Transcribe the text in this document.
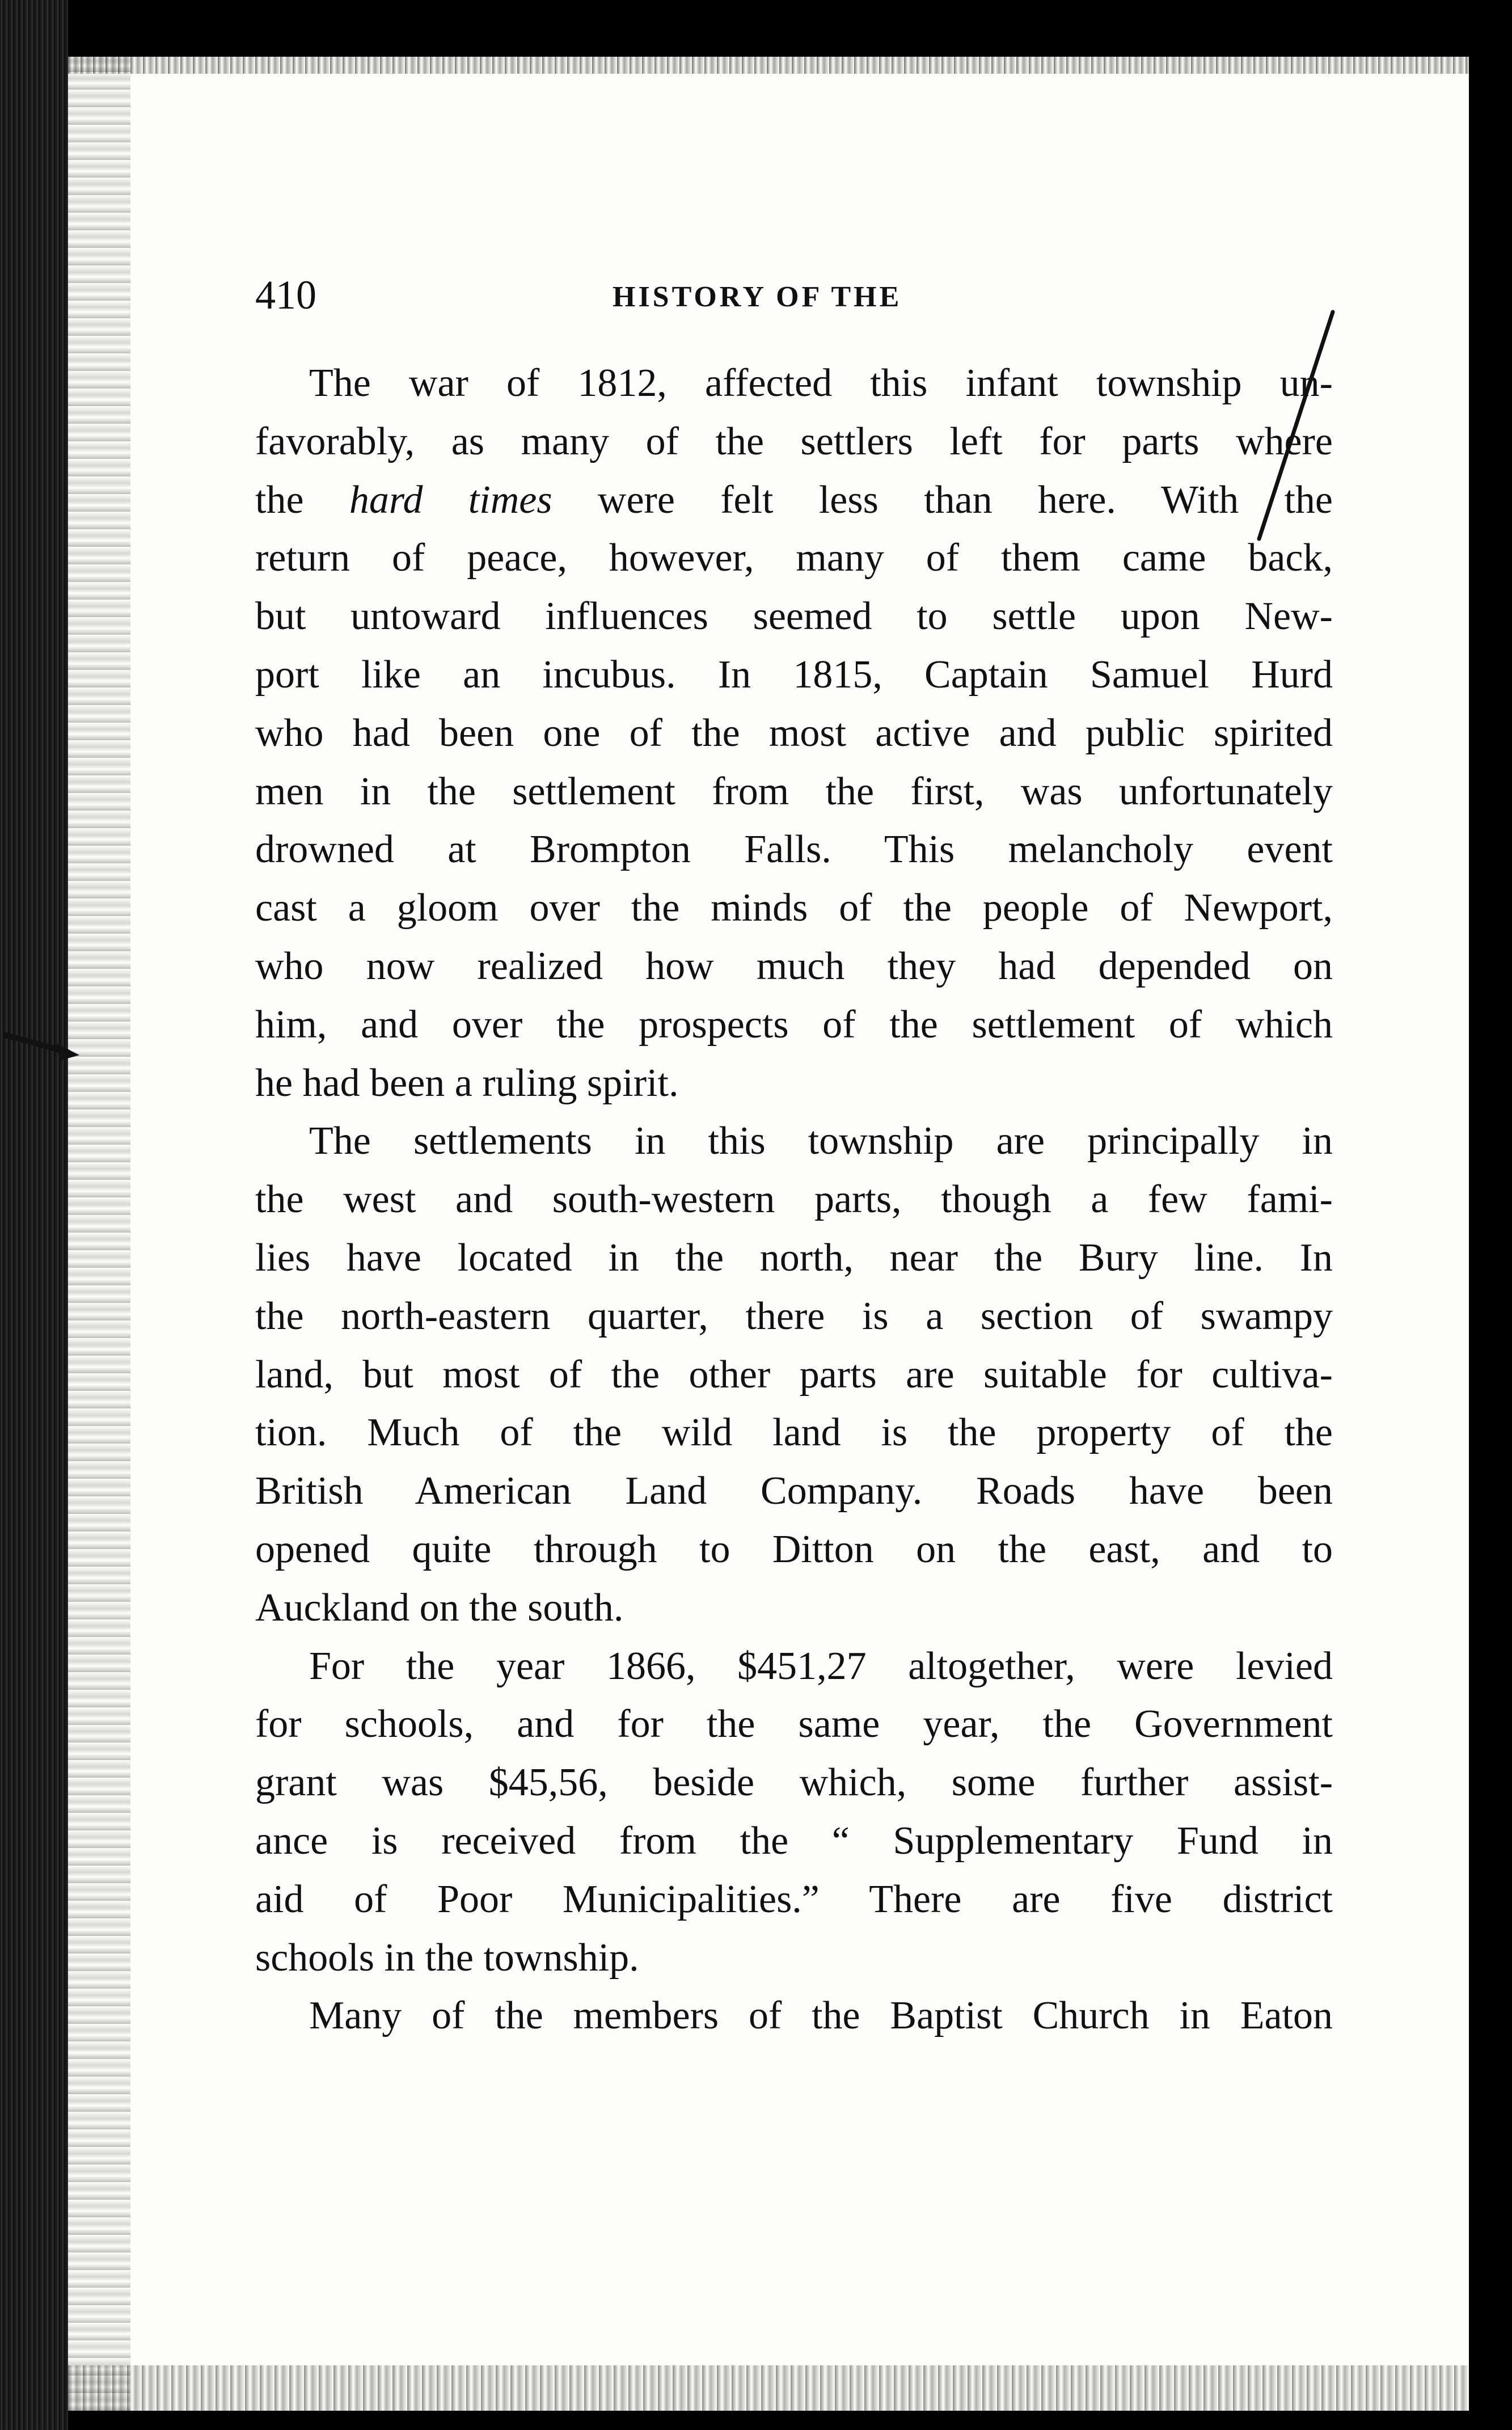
410	HISTORY OF THE
The war of 1812, affected this infant township un-
favorably, as many of the settlers left for parts where
the hard times were felt less than here. With the
return of peace, however, many of them came back,
but untoward influences seemed to settle upon New-
port like an incubus. In 1815, Captain Samuel Hurd
who had been one of the most active and public spirited
men in the settlement from the first, was unfortunately
drowned at Brompton Falls. This melancholy event
cast a gloom over the minds of the people of Newport,
who now realized how much they had depended on
him, and over the prospects of the settlement of which
he had been a ruling spirit.
The settlements in this township are principally in
the west and south-western parts, though a few fami-
lies have located in the north, near the Bury line. In
the north-eastern quarter, there is a section of swampy
land, but most of the other parts are suitable for cultiva-
tion. Much of the wild land is the property of the
British American Land Company. Roads have been
opened quite through to Ditton on the east, and to
Auckland on the south.
For the year 1866, $451,27 altogether, were levied
for schools, and for the same year, the Government
grant was $45,56, beside which, some further assist-
ance is received from the “ Supplementary Fund in
aid of Poor Municipalities.” There are five district
schools in the township.
Many of the members of the Baptist Church in Eaton
